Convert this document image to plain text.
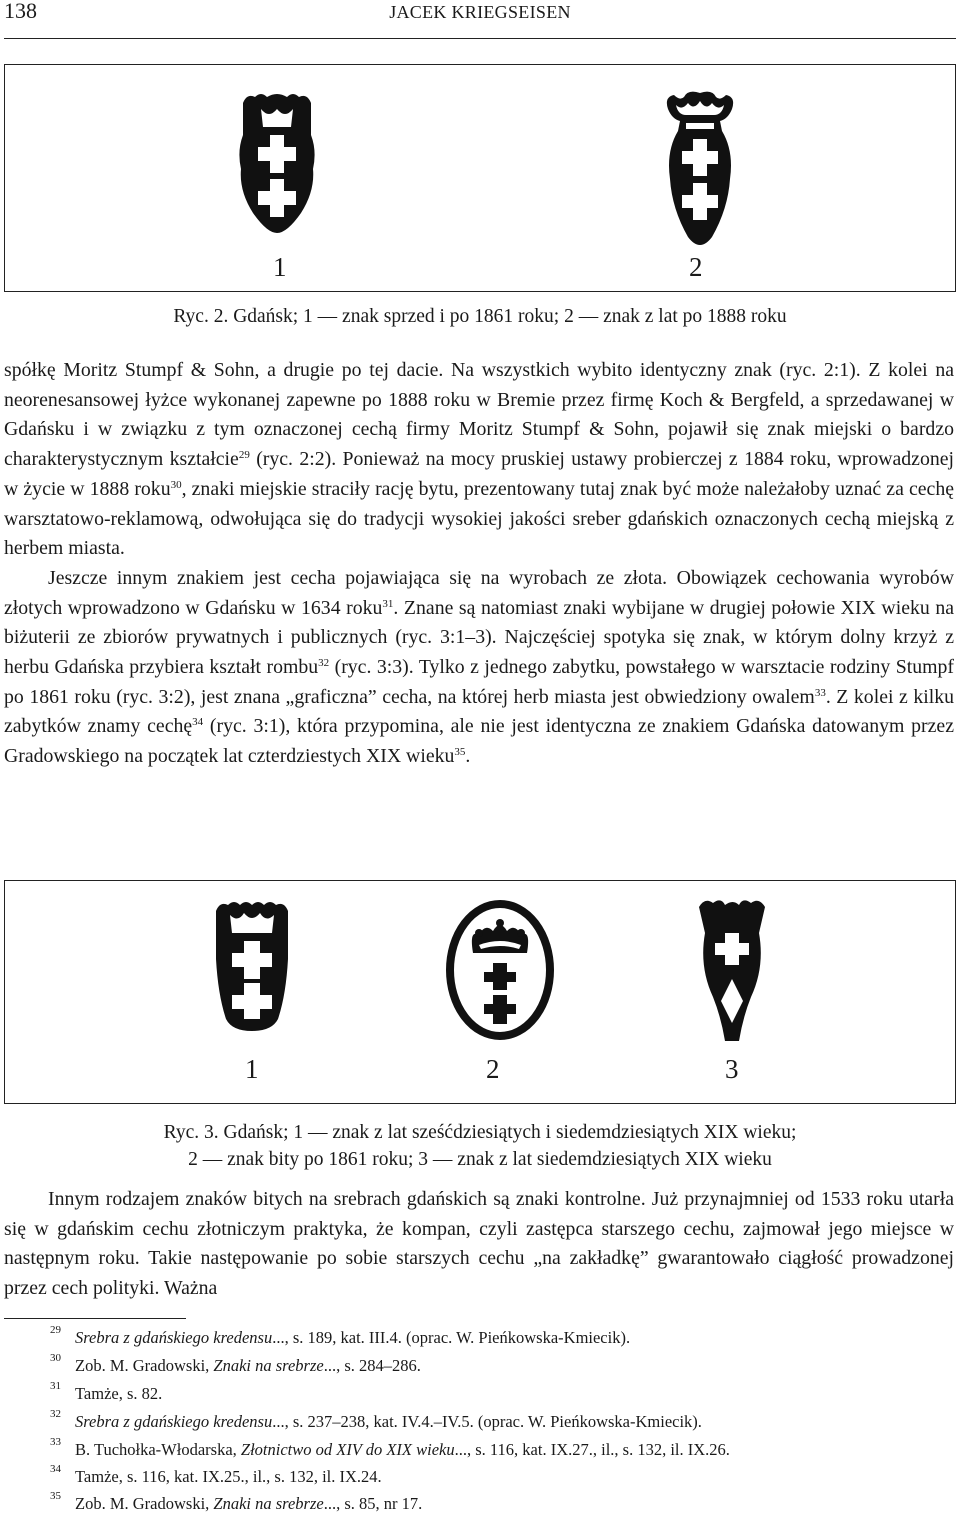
138	JACEK KRIEGSEISEN
1	2
Ryc. 2. Gdańsk; 1 — znak sprzed i po 1861 roku; 2 — znak z lat po 1888 roku

spółkę Moritz Stumpf & Sohn, a drugie po tej dacie. Na wszystkich wybito identyczny znak (ryc. 2:1). Z kolei na neorenesansowej łyżce wykonanej zapewne po 1888 roku w Bremie przez firmę Koch & Bergfeld, a sprzedawanej w Gdańsku i w związku z tym oznaczonej cechą firmy Moritz Stumpf & Sohn, pojawił się znak miejski o bardzo charakterystycznym kształcie$^{29}$ (ryc. 2:2). Ponieważ na mocy pruskiej ustawy probierczej z 1884 roku, wprowadzonej w życie w 1888 roku$^{30}$, znaki miejskie straciły rację bytu, prezentowany tutaj znak być może należałoby uznać za cechę warsztatowo-reklamową, odwołująca się do tradycji wysokiej jakości sreber gdańskich oznaczonych cechą miejską z herbem miasta.

Jeszcze innym znakiem jest cecha pojawiająca się na wyrobach ze złota. Obowiązek cechowania wyrobów złotych wprowadzono w Gdańsku w 1634 roku$^{31}$. Znane są natomiast znaki wybijane w drugiej połowie XIX wieku na biżuterii ze zbiorów prywatnych i publicznych (ryc. 3:1–3). Najczęściej spotyka się znak, w którym dolny krzyż z herbu Gdańska przybiera kształt rombu$^{32}$ (ryc. 3:3). Tylko z jednego zabytku, powstałego w warsztacie rodziny Stumpf po 1861 roku (ryc. 3:2), jest znana „graficzna” cecha, na której herb miasta jest obwiedziony owalem$^{33}$. Z kolei z kilku zabytków znamy cechę$^{34}$ (ryc. 3:1), która przypomina, ale nie jest identyczna ze znakiem Gdańska datowanym przez Gradowskiego na początek lat czterdziestych XIX wieku$^{35}$.

1	2	3
Ryc. 3. Gdańsk; 1 — znak z lat sześćdziesiątych i siedemdziesiątych XIX wieku;
2 — znak bity po 1861 roku; 3 — znak z lat siedemdziesiątych XIX wieku
Innym rodzajem znaków bitych na srebrach gdańskich są znaki kontrolne. Już przynajmniej od 1533 roku utarła się w gdańskim cechu złotniczym praktyka, że kompan, czyli zastępca starszego cechu, zajmował jego miejsce w następnym roku. Takie następowanie po sobie starszych cechu „na zakładkę” gwarantowało ciągłość prowadzonej przez cech polityki. Ważna
29 Srebra z gdańskiego kredensu..., s. 189, kat. III.4. (oprac. W. Pieńkowska-Kmiecik).
30 Zob. M. Gradowski, Znaki na srebrze..., s. 284–286.
31 Tamże, s. 82.
32 Srebra z gdańskiego kredensu..., s. 237–238, kat. IV.4.–IV.5. (oprac. W. Pieńkowska-Kmiecik).
33 B. Tuchołka-Włodarska, Złotnictwo od XIV do XIX wieku..., s. 116, kat. IX.27., il., s. 132, il. IX.26.
34 Tamże, s. 116, kat. IX.25., il., s. 132, il. IX.24.
35 Zob. M. Gradowski, Znaki na srebrze..., s. 85, nr 17.
